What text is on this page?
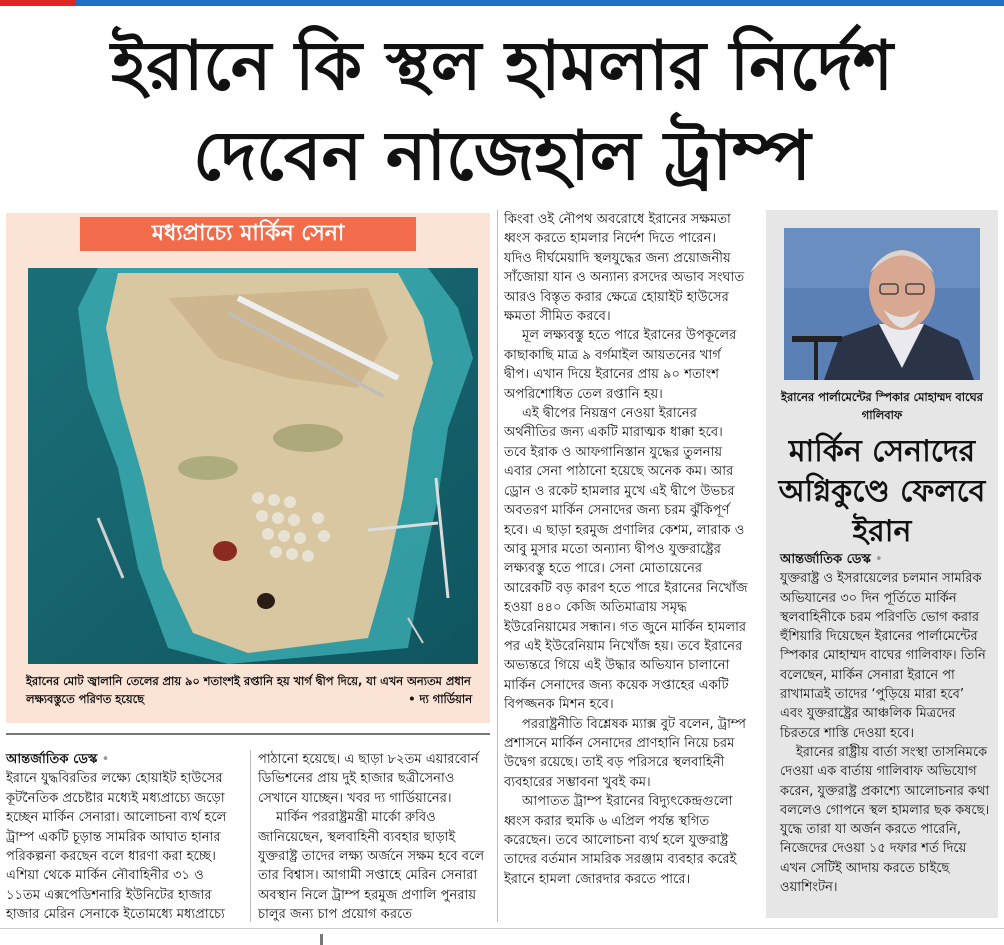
ইরানে কি স্থল হামলার নির্দেশ
দেবেন নাজেহাল ট্রাম্প
মধ্যপ্রাচ্যে মার্কিন সেনা
ইরানের মোট জ্বালানি তেলের প্রায় ৯০ শতাংশই রপ্তানি হয় খার্গ দ্বীপ দিয়ে, যা এখন অন্যতম প্রধান লক্ষ্যবস্তুতে পরিণত হয়েছে	• দ্য গার্ডিয়ান

কিংবা ওই নৌপথ অবরোধে ইরানের সক্ষমতা ধ্বংস করতে হামলার নির্দেশ দিতে পারেন। যদিও দীর্ঘমেয়াদি স্থলযুদ্ধের জন্য প্রয়োজনীয় সাঁজোয়া যান ও অন্যান্য রসদের অভাব সংঘাত আরও বিস্তৃত করার ক্ষেত্রে হোয়াইট হাউসের ক্ষমতা সীমিত করবে।

মূল লক্ষ্যবস্তু হতে পারে ইরানের উপকূলের কাছাকাছি মাত্র ৯ বর্গমাইল আয়তনের খার্গ দ্বীপ। এখান দিয়ে ইরানের প্রায় ৯০ শতাংশ অপরিশোধিত তেল রপ্তানি হয়।

এই দ্বীপের নিয়ন্ত্রণ নেওয়া ইরানের অর্থনীতির জন্য একটি মারাত্মক ধাক্কা হবে। তবে ইরাক ও আফগানিস্তান যুদ্ধের তুলনায় এবার সেনা পাঠানো হয়েছে অনেক কম। আর ড্রোন ও রকেট হামলার মুখে এই দ্বীপে উভচর অবতরণ মার্কিন সেনাদের জন্য চরম ঝুঁকিপূর্ণ হবে। এ ছাড়া হরমুজ প্রণালির কেশম, লারাক ও আবু মুসার মতো অন্যান্য দ্বীপও যুক্তরাষ্ট্রের লক্ষ্যবস্তু হতে পারে। সেনা মোতায়েনের আরেকটি বড় কারণ হতে পারে ইরানের নিখোঁজ হওয়া ৪৪০ কেজি অতিমাত্রায় সমৃদ্ধ ইউরেনিয়ামের সন্ধান। গত জুনে মার্কিন হামলার পর এই ইউরেনিয়াম নিখোঁজ হয়। তবে ইরানের অভ্যন্তরে গিয়ে এই উদ্ধার অভিযান চালানো মার্কিন সেনাদের জন্য কয়েক সপ্তাহের একটি বিপজ্জনক মিশন হবে।

পররাষ্ট্রনীতি বিশ্লেষক ম্যাক্স বুট বলেন, ট্রাম্প প্রশাসনে মার্কিন সেনাদের প্রাণহানি নিয়ে চরম উদ্বেগ রয়েছে। তাই বড় পরিসরে স্থলবাহিনী ব্যবহারের সম্ভাবনা খুবই কম।

আপাতত ট্রাম্প ইরানের বিদ্যুৎকেন্দ্রগুলো ধ্বংস করার হুমকি ৬ এপ্রিল পর্যন্ত স্থগিত করেছেন। তবে আলোচনা ব্যর্থ হলে যুক্তরাষ্ট্র তাদের বর্তমান সামরিক সরঞ্জাম ব্যবহার করেই ইরানে হামলা জোরদার করতে পারে।

আন্তর্জাতিক ডেস্ক •

ইরানে যুদ্ধবিরতির লক্ষ্যে হোয়াইট হাউসের কূটনৈতিক প্রচেষ্টার মধ্যেই মধ্যপ্রাচ্যে জড়ো হচ্ছেন মার্কিন সেনারা। আলোচনা ব্যর্থ হলে ট্রাম্প একটি চূড়ান্ত সামরিক আঘাত হানার পরিকল্পনা করছেন বলে ধারণা করা হচ্ছে। এশিয়া থেকে মার্কিন নৌবাহিনীর ৩১ ও ১১তম এক্সপেডিশনারি ইউনিটের হাজার হাজার মেরিন সেনাকে ইতোমধ্যে মধ্যপ্রাচ্যে

পাঠানো হয়েছে। এ ছাড়া ৮২তম এয়ারবোর্ন ডিভিশনের প্রায় দুই হাজার ছত্রীসেনাও সেখানে যাচ্ছেন। খবর দ্য গার্ডিয়ানের।

মার্কিন পররাষ্ট্রমন্ত্রী মার্কো রুবিও জানিয়েছেন, স্থলবাহিনী ব্যবহার ছাড়াই যুক্তরাষ্ট্র তাদের লক্ষ্য অর্জনে সক্ষম হবে বলে তার বিশ্বাস। আগামী সপ্তাহে মেরিন সেনারা অবস্থান নিলে ট্রাম্প হরমুজ প্রণালি পুনরায় চালুর জন্য চাপ প্রয়োগ করতে

ইরানের পার্লামেন্টের স্পিকার মোহাম্মদ বাঘের গালিবাফ
মার্কিন সেনাদের অগ্নিকুণ্ডে ফেলবে ইরান
আন্তর্জাতিক ডেস্ক •

যুক্তরাষ্ট্র ও ইসরায়েলের চলমান সামরিক অভিযানের ৩০ দিন পূর্তিতে মার্কিন স্থলবাহিনীকে চরম পরিণতি ভোগ করার হুঁশিয়ারি দিয়েছেন ইরানের পার্লামেন্টের স্পিকার মোহাম্মদ বাঘের গালিবাফ। তিনি বলেছেন, মার্কিন সেনারা ইরানে পা রাখামাত্রই তাদের ‘পুড়িয়ে মারা হবে’ এবং যুক্তরাষ্ট্রের আঞ্চলিক মিত্রদের চিরতরে শাস্তি দেওয়া হবে।

ইরানের রাষ্ট্রীয় বার্তা সংস্থা তাসনিমকে দেওয়া এক বার্তায় গালিবাফ অভিযোগ করেন, যুক্তরাষ্ট্র প্রকাশ্যে আলোচনার কথা বললেও গোপনে স্থল হামলার ছক কষছে। যুদ্ধে তারা যা অর্জন করতে পারেনি, নিজেদের দেওয়া ১৫ দফার শর্ত দিয়ে এখন সেটিই আদায় করতে চাইছে ওয়াশিংটন।
